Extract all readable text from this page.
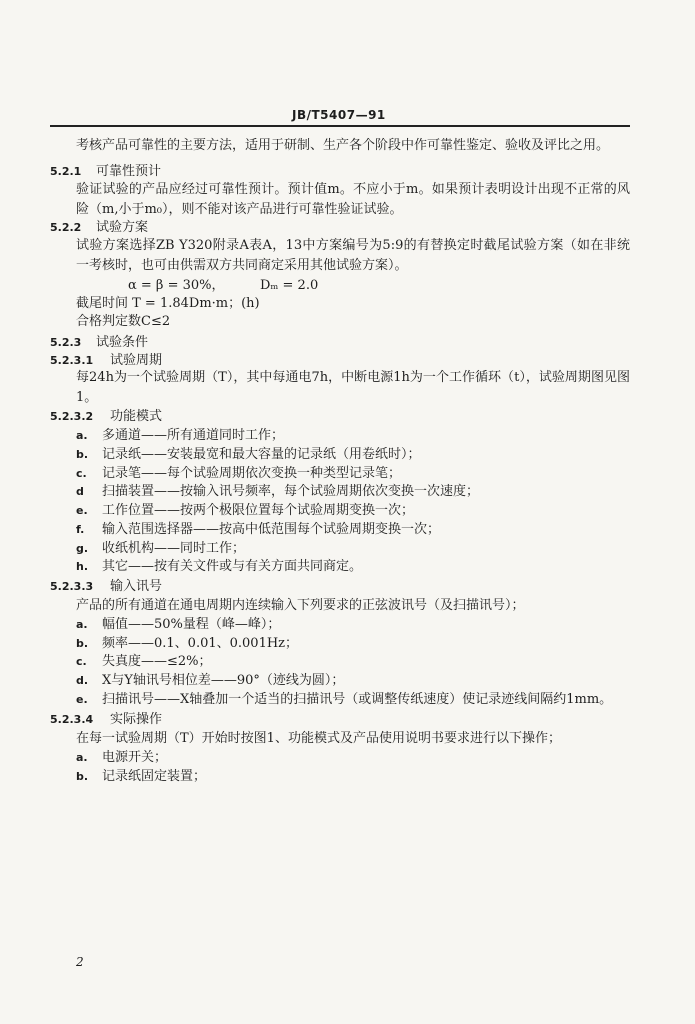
JB/T5407—91
考核产品可靠性的主要方法，适用于研制、生产各个阶段中作可靠性鉴定、验收及评比之用。
5.2.1 可靠性预计
验证试验的产品应经过可靠性预计。预计值m。不应小于m。如果预计表明设计出现不正常的风险（m,小于m₀），则不能对该产品进行可靠性验证试验。
5.2.2 试验方案
试验方案选择ZB Y320附录A表A，13中方案编号为5:9的有替换定时截尾试验方案（如在非统一考核时，也可由供需双方共同商定采用其他试验方案）。
α = β = 30%，	Dₘ = 2.0
截尾时间 T = 1.84Dm·m；(h)
合格判定数C≤2
5.2.3 试验条件
5.2.3.1 试验周期
每24h为一个试验周期（T），其中每通电7h，中断电源1h为一个工作循环（t），试验周期图见图1。
5.2.3.2 功能模式
a. 多通道——所有通道同时工作；
b. 记录纸——安装最宽和最大容量的记录纸（用卷纸时）；
c. 记录笔——每个试验周期依次变换一种类型记录笔；
d 扫描装置——按输入讯号频率，每个试验周期依次变换一次速度；
e. 工作位置——按两个极限位置每个试验周期变换一次；
f. 输入范围选择器——按高中低范围每个试验周期变换一次；
g. 收纸机构——同时工作；
h. 其它——按有关文件或与有关方面共同商定。
5.2.3.3 输入讯号
产品的所有通道在通电周期内连续输入下列要求的正弦波讯号（及扫描讯号）；
a. 幅值——50%量程（峰—峰）；
b. 频率——0.1、0.01、0.001Hz；
c. 失真度——≤2%；
d. X与Y轴讯号相位差——90°（迹线为圆）；
e. 扫描讯号——X轴叠加一个适当的扫描讯号（或调整传纸速度）使记录迹线间隔约1mm。
5.2.3.4 实际操作
在每一试验周期（T）开始时按图1、功能模式及产品使用说明书要求进行以下操作；
a. 电源开关；
b. 记录纸固定装置；
2
